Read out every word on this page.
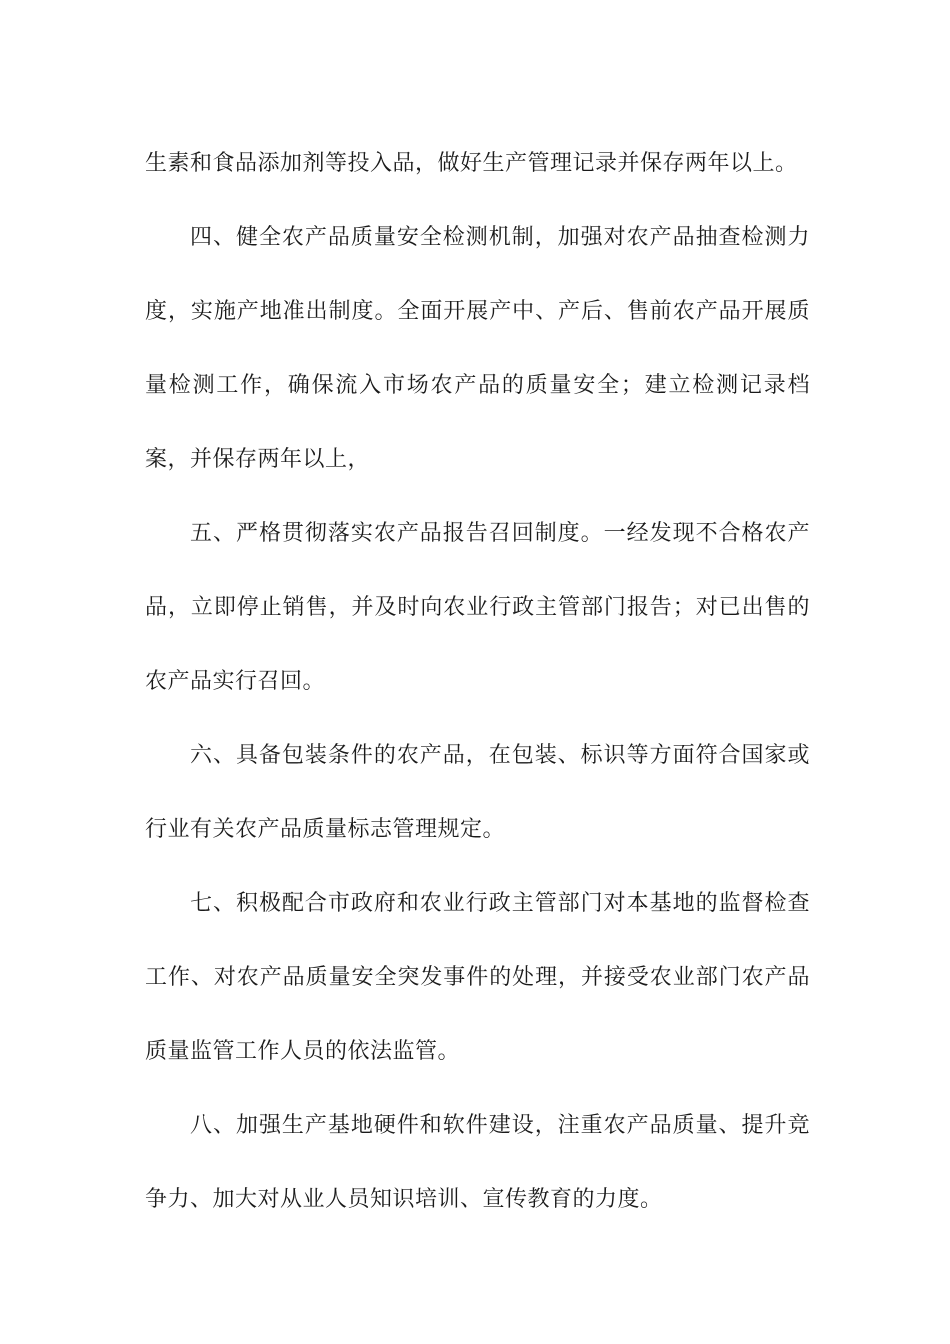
生素和食品添加剂等投入品，做好生产管理记录并保存两年以上。

四、健全农产品质量安全检测机制，加强对农产品抽查检测力度，实施产地准出制度。全面开展产中、产后、售前农产品开展质量检测工作，确保流入市场农产品的质量安全；建立检测记录档案，并保存两年以上，

五、严格贯彻落实农产品报告召回制度。一经发现不合格农产品，立即停止销售，并及时向农业行政主管部门报告；对已出售的农产品实行召回。

六、具备包装条件的农产品，在包装、标识等方面符合国家或行业有关农产品质量标志管理规定。

七、积极配合市政府和农业行政主管部门对本基地的监督检查工作、对农产品质量安全突发事件的处理，并接受农业部门农产品质量监管工作人员的依法监管。

八、加强生产基地硬件和软件建设，注重农产品质量、提升竞争力、加大对从业人员知识培训、宣传教育的力度。
